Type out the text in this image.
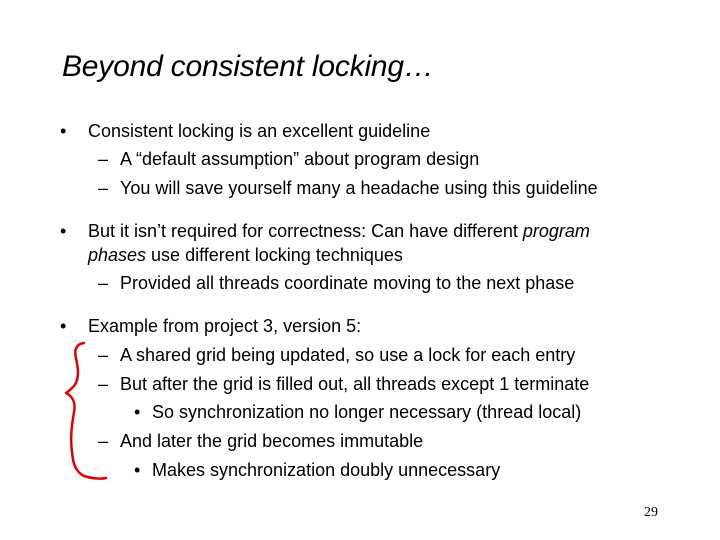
Beyond consistent locking…
• Consistent locking is an excellent guideline
– A “default assumption” about program design
– You will save yourself many a headache using this guideline
• But it isn’t required for correctness: Can have different program
phases use different locking techniques
– Provided all threads coordinate moving to the next phase
• Example from project 3, version 5:
– A shared grid being updated, so use a lock for each entry
– But after the grid is filled out, all threads except 1 terminate
• So synchronization no longer necessary (thread local)
– And later the grid becomes immutable
• Makes synchronization doubly unnecessary
29
